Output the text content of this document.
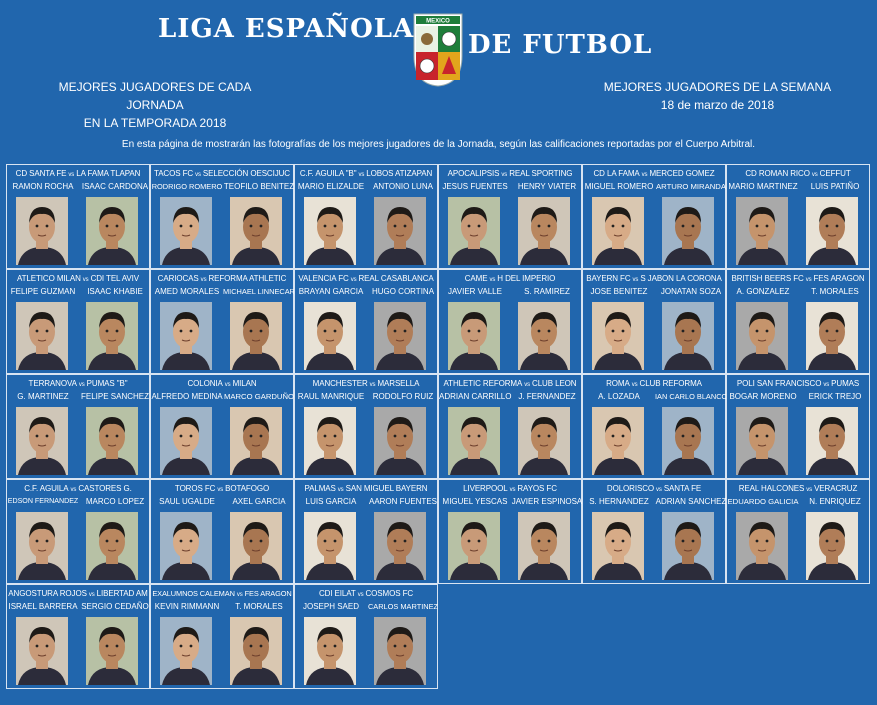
LIGA ESPAÑOLA MEXICO
DE FUTBOL
MEJORES JUGADORES DE CADA JORNADA
EN LA TEMPORADA 2018
MEJORES JUGADORES DE LA SEMANA
18 de marzo de 2018
En esta página de mostrarán las fotografías de los mejores jugadores de la Jornada, según las calificaciones reportadas por el Cuerpo Arbitral.
CD SANTA FE vs LA FAMA TLAPAN
RAMON ROCHA	ISAAC CARDONA
TACOS FC vs SELECCIÓN OESCIJUC
RODRIGO ROMERO TEOFILO BENITEZ
C.F. AGUILA "B" vs LOBOS ATIZAPAN
MARIO ELIZALDE	ANTONIO LUNA
APOCALIPSIS vs REAL SPORTING
JESUS FUENTES	HENRY VIATER
CD LA FAMA vs MERCED GOMEZ
MIGUEL ROMERO ARTURO MIRANDA
CD ROMAN RICO vs CEFFUT
MARIO MARTINEZ	LUIS PATIÑO
ATLETICO MILAN vs CDI TEL AVIV
FELIPE GUZMAN	ISAAC KHABIE
CARIOCAS vs REFORMA ATHLETIC
AMED MORALES MICHAEL LINNECAR
VALENCIA FC vs REAL CASABLANCA
BRAYAN GARCIA	HUGO CORTINA
CAME vs H DEL IMPERIO
JAVIER VALLE	S. RAMIREZ
BAYERN FC vs S JABON LA CORONA
JOSE BENITEZ	JONATAN SOZA
BRITISH BEERS FC vs FES ARAGON
A. GONZALEZ	T. MORALES
TERRANOVA vs PUMAS "B"
G. MARTINEZ	FELIPE SANCHEZ
COLONIA vs MILAN
ALFREDO MEDINA MARCO GARDUÑO
MANCHESTER vs MARSELLA
RAUL MANRIQUE	RODOLFO RUIZ
ATHLETIC REFORMA vs CLUB LEON
ADRIAN CARRILLO J. FERNANDEZ
ROMA vs CLUB REFORMA
A. LOZADA	IAN CARLO BLANCO
POLI SAN FRANCISCO vs PUMAS
BOGAR MORENO	ERICK TREJO
C.F. AGUILA vs CASTORES G.
EDSON FERNANDEZ MARCO LOPEZ
TOROS FC vs BOTAFOGO
SAUL UGALDE	AXEL GARCIA
PALMAS vs SAN MIGUEL BAYERN
LUIS GARCIA	AARON FUENTES
LIVERPOOL vs RAYOS FC
MIGUEL YESCAS JAVIER ESPINOSA
DOLORISCO vs SANTA FE
S. HERNANDEZ ADRIAN SANCHEZ
REAL HALCONES vs VERACRUZ
EDUARDO GALICIA	N. ENRIQUEZ
ANGOSTURA ROJOS vs LIBERTAD AM
ISRAEL BARRERA SERGIO CEDAÑO
EXALUMNOS CALEMAN vs FES ARAGON
KEVIN RIMMANN	T. MORALES
CDI EILAT vs COSMOS FC
JOSEPH SAED	CARLOS MARTINEZ
